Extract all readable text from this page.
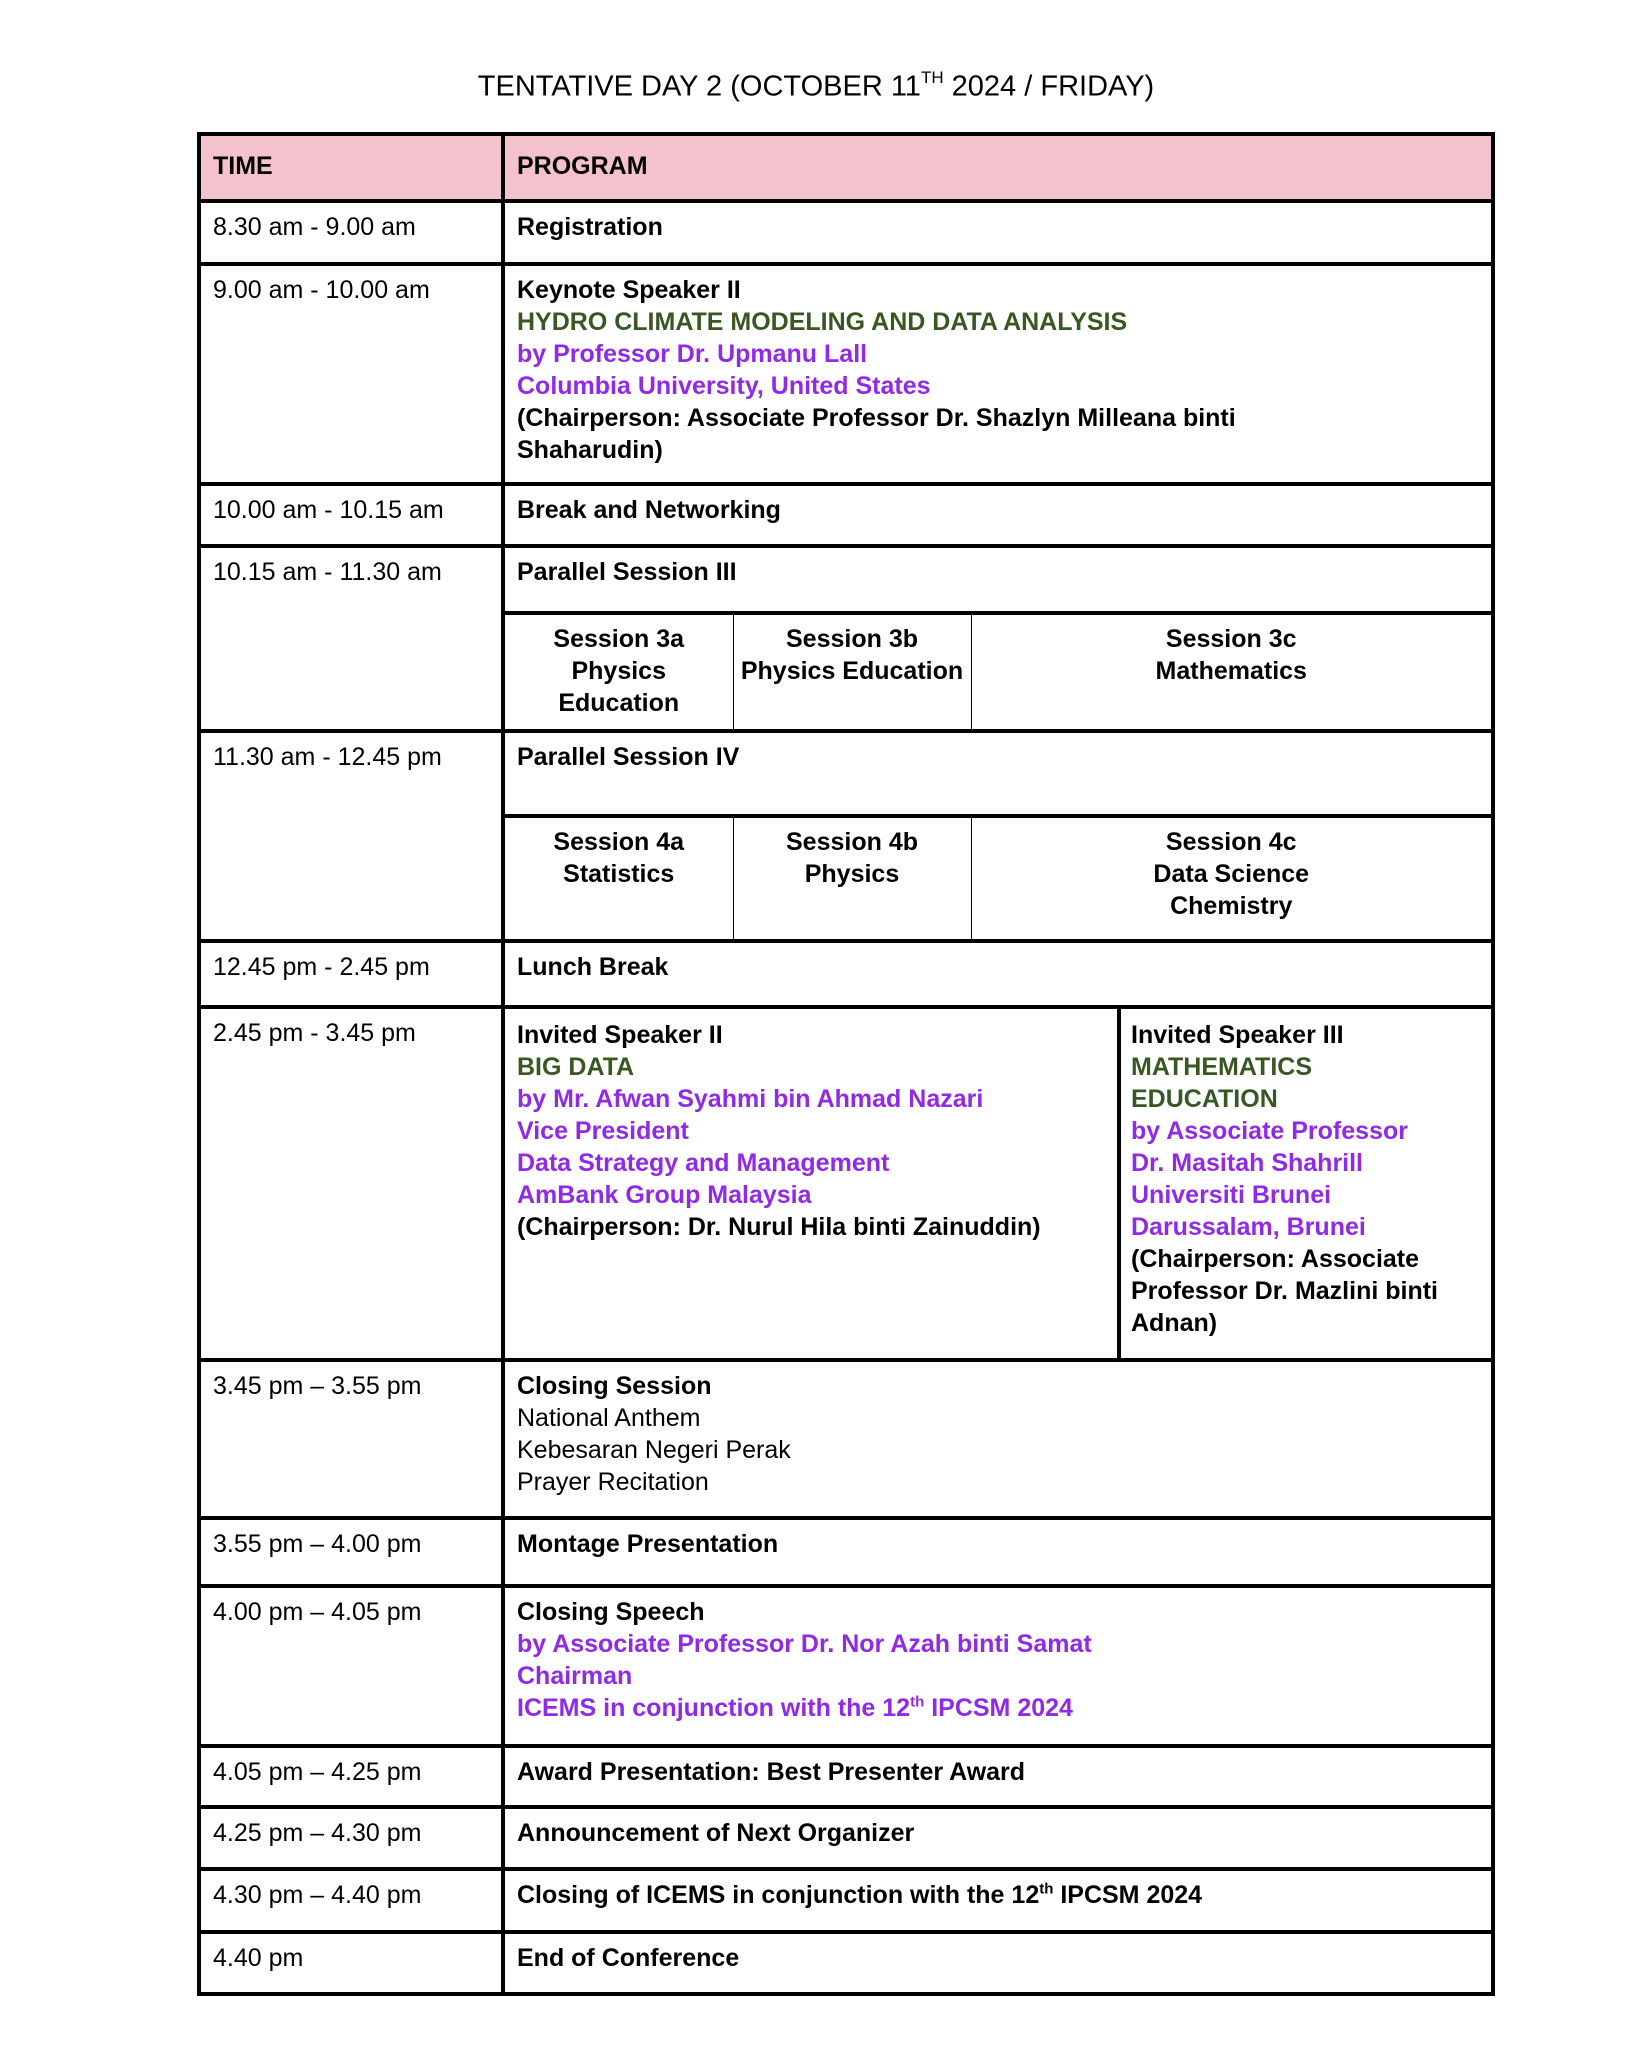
TENTATIVE DAY 2 (OCTOBER 11TH 2024 / FRIDAY)
TIME	PROGRAM
8.30 am - 9.00 am	Registration
9.00 am - 10.00 am	Keynote Speaker II
HYDRO CLIMATE MODELING AND DATA ANALYSIS
by Professor Dr. Upmanu Lall
Columbia University, United States
(Chairperson: Associate Professor Dr. Shazlyn Milleana binti
Shaharudin)

10.00 am - 10.15 am	Break and Networking
10.15 am - 11.30 am	Parallel Session III
Session 3a
Physics Education

Session 3b
Physics Education

Session 3c
Mathematics

11.30 am - 12.45 pm	Parallel Session IV
Session 4a
Statistics

Session 4b
Physics

Session 4c
Data Science
Chemistry

12.45 pm - 2.45 pm	Lunch Break
2.45 pm - 3.45 pm		Invited Speaker II
BIG DATA
by Mr. Afwan Syahmi bin Ahmad Nazari
Vice President
Data Strategy and Management
AmBank Group Malaysia
(Chairperson: Dr. Nurul Hila binti Zainuddin)

Invited Speaker III
MATHEMATICS
EDUCATION
by Associate Professor
Dr. Masitah Shahrill
Universiti Brunei
Darussalam, Brunei
(Chairperson: Associate
Professor Dr. Mazlini binti
Adnan)

3.45 pm – 3.55 pm	Closing Session
National Anthem
Kebesaran Negeri Perak
Prayer Recitation

3.55 pm – 4.00 pm	Montage Presentation
4.00 pm – 4.05 pm	Closing Speech
by Associate Professor Dr. Nor Azah binti Samat
Chairman
ICEMS in conjunction with the 12th IPCSM 2024

4.05 pm – 4.25 pm	Award Presentation: Best Presenter Award
4.25 pm – 4.30 pm	Announcement of Next Organizer
4.30 pm – 4.40 pm	Closing of ICEMS in conjunction with the 12th IPCSM 2024
4.40 pm	End of Conference
